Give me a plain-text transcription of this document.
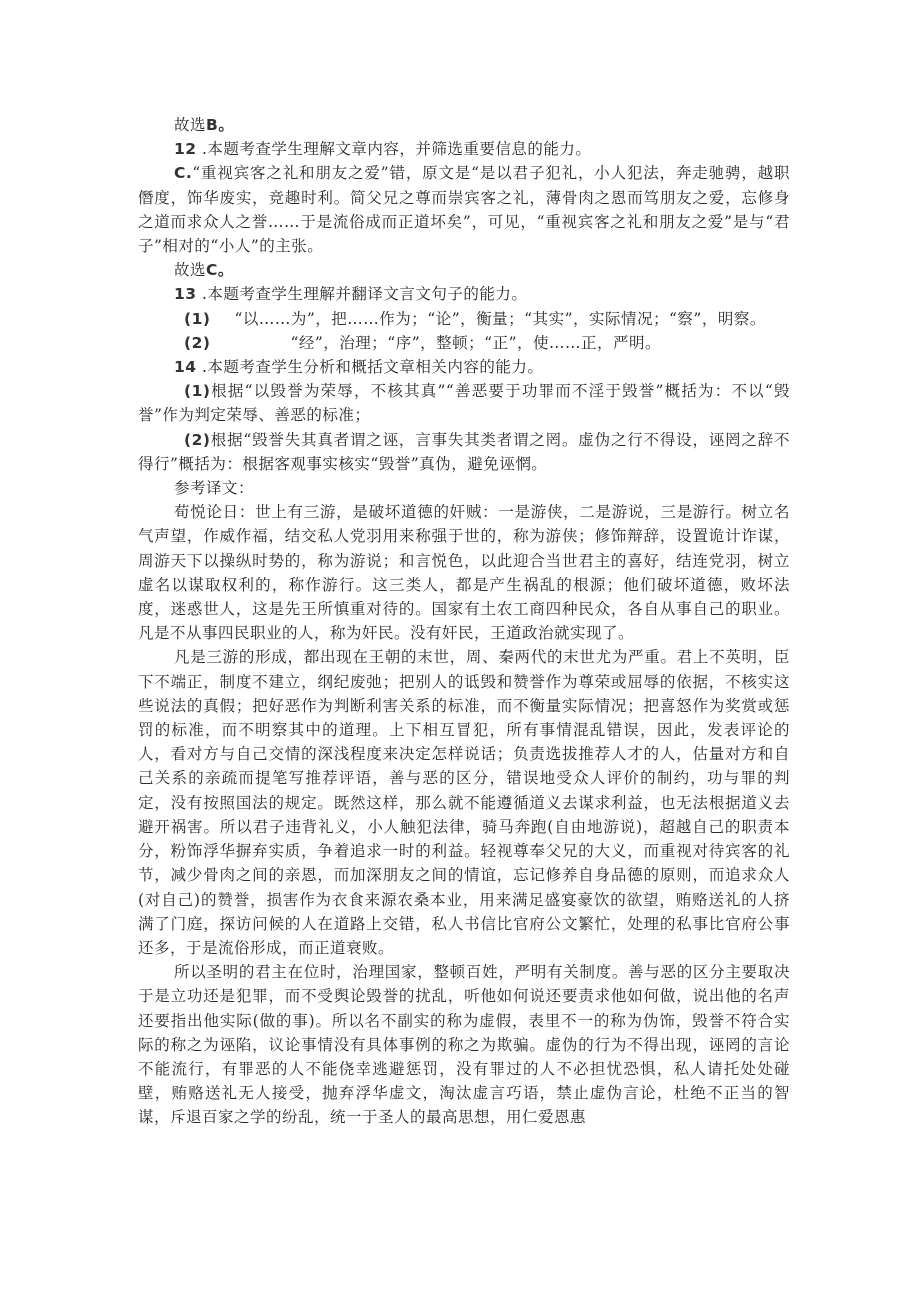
故选B。

12 .本题考查学生理解文章内容，并筛选重要信息的能力。

C.“重视宾客之礼和朋友之爱”错，原文是“是以君子犯礼，小人犯法，奔走驰骋，越职僭度，饰华废实，竞趣时利。简父兄之尊而崇宾客之礼，薄骨肉之恩而笃朋友之爱，忘修身之道而求众人之誉……于是流俗成而正道坏矣”，可见，“重视宾客之礼和朋友之爱”是与“君子”相对的“小人”的主张。

故选C。

13 .本题考查学生理解并翻译文言文句子的能力。

(1) “以……为”，把……作为；“论”，衡量；“其实”，实际情况；“察”，明察。

(2)	“经”，治理；“序”，整顿；“正”，使……正，严明。

14 .本题考查学生分析和概括文章相关内容的能力。

(1)根据“以毁誉为荣辱，不核其真”“善恶要于功罪而不淫于毁誉”概括为：不以“毁誉”作为判定荣辱、善恶的标准；

(2)根据“毁誉失其真者谓之诬，言事失其类者谓之罔。虚伪之行不得设，诬罔之辞不得行”概括为：根据客观事实核实“毁誉”真伪，避免诬惘。

参考译文：

荀悦论日：世上有三游，是破坏道德的奸贼：一是游侠，二是游说，三是游行。树立名气声望，作威作福，结交私人党羽用来称强于世的，称为游侠；修饰辩辞，设置诡计诈谋，周游天下以操纵时势的，称为游说；和言悦色，以此迎合当世君主的喜好，结连党羽，树立虚名以谋取权利的，称作游行。这三类人，都是产生祸乱的根源；他们破坏道德，败坏法度，迷惑世人，这是先王所慎重对待的。国家有土农工商四种民众，各自从事自己的职业。凡是不从事四民职业的人，称为奸民。没有奸民，王道政治就实现了。

凡是三游的形成，都出现在王朝的末世，周、秦两代的末世尤为严重。君上不英明，臣下不端正，制度不建立，纲纪废弛；把别人的诋毁和赞誉作为尊荣或屈辱的依据，不核实这些说法的真假；把好恶作为判断利害关系的标准，而不衡量实际情况；把喜怒作为奖赏或惩罚的标准，而不明察其中的道理。上下相互冒犯，所有事情混乱错误，因此，发表评论的人，看对方与自己交情的深浅程度来决定怎样说话；负责选拔推荐人才的人，估量对方和自己关系的亲疏而提笔写推荐评语，善与恶的区分，错误地受众人评价的制约，功与罪的判定，没有按照国法的规定。既然这样，那么就不能遵循道义去谋求利益，也无法根据道义去避开祸害。所以君子违背礼义，小人触犯法律，骑马奔跑(自由地游说)，超越自己的职责本分，粉饰浮华摒弃实质，争着追求一时的利益。轻视尊奉父兄的大义，而重视对待宾客的礼节，减少骨肉之间的亲恩，而加深朋友之间的情谊，忘记修养自身品德的原则，而追求众人(对自己)的赞誉，损害作为衣食来源农桑本业，用来满足盛宴豪饮的欲望，贿赂送礼的人挤满了门庭，探访问候的人在道路上交错，私人书信比官府公文繁忙，处理的私事比官府公事还多，于是流俗形成，而正道衰败。

所以圣明的君主在位时，治理国家，整顿百姓，严明有关制度。善与恶的区分主要取决于是立功还是犯罪，而不受舆论毁誉的扰乱，听他如何说还要责求他如何做，说出他的名声还要指出他实际(做的事)。所以名不副实的称为虚假，表里不一的称为伪饰，毁誉不符合实际的称之为诬陷，议论事情没有具体事例的称之为欺骗。虚伪的行为不得出现，诬罔的言论不能流行，有罪恶的人不能侥幸逃避惩罚，没有罪过的人不必担忧恐惧，私人请托处处碰壁，贿赂送礼无人接受，抛弃浮华虚文，淘汰虚言巧语，禁止虚伪言论，杜绝不正当的智谋，斥退百家之学的纷乱，统一于圣人的最高思想，用仁爱恩惠
